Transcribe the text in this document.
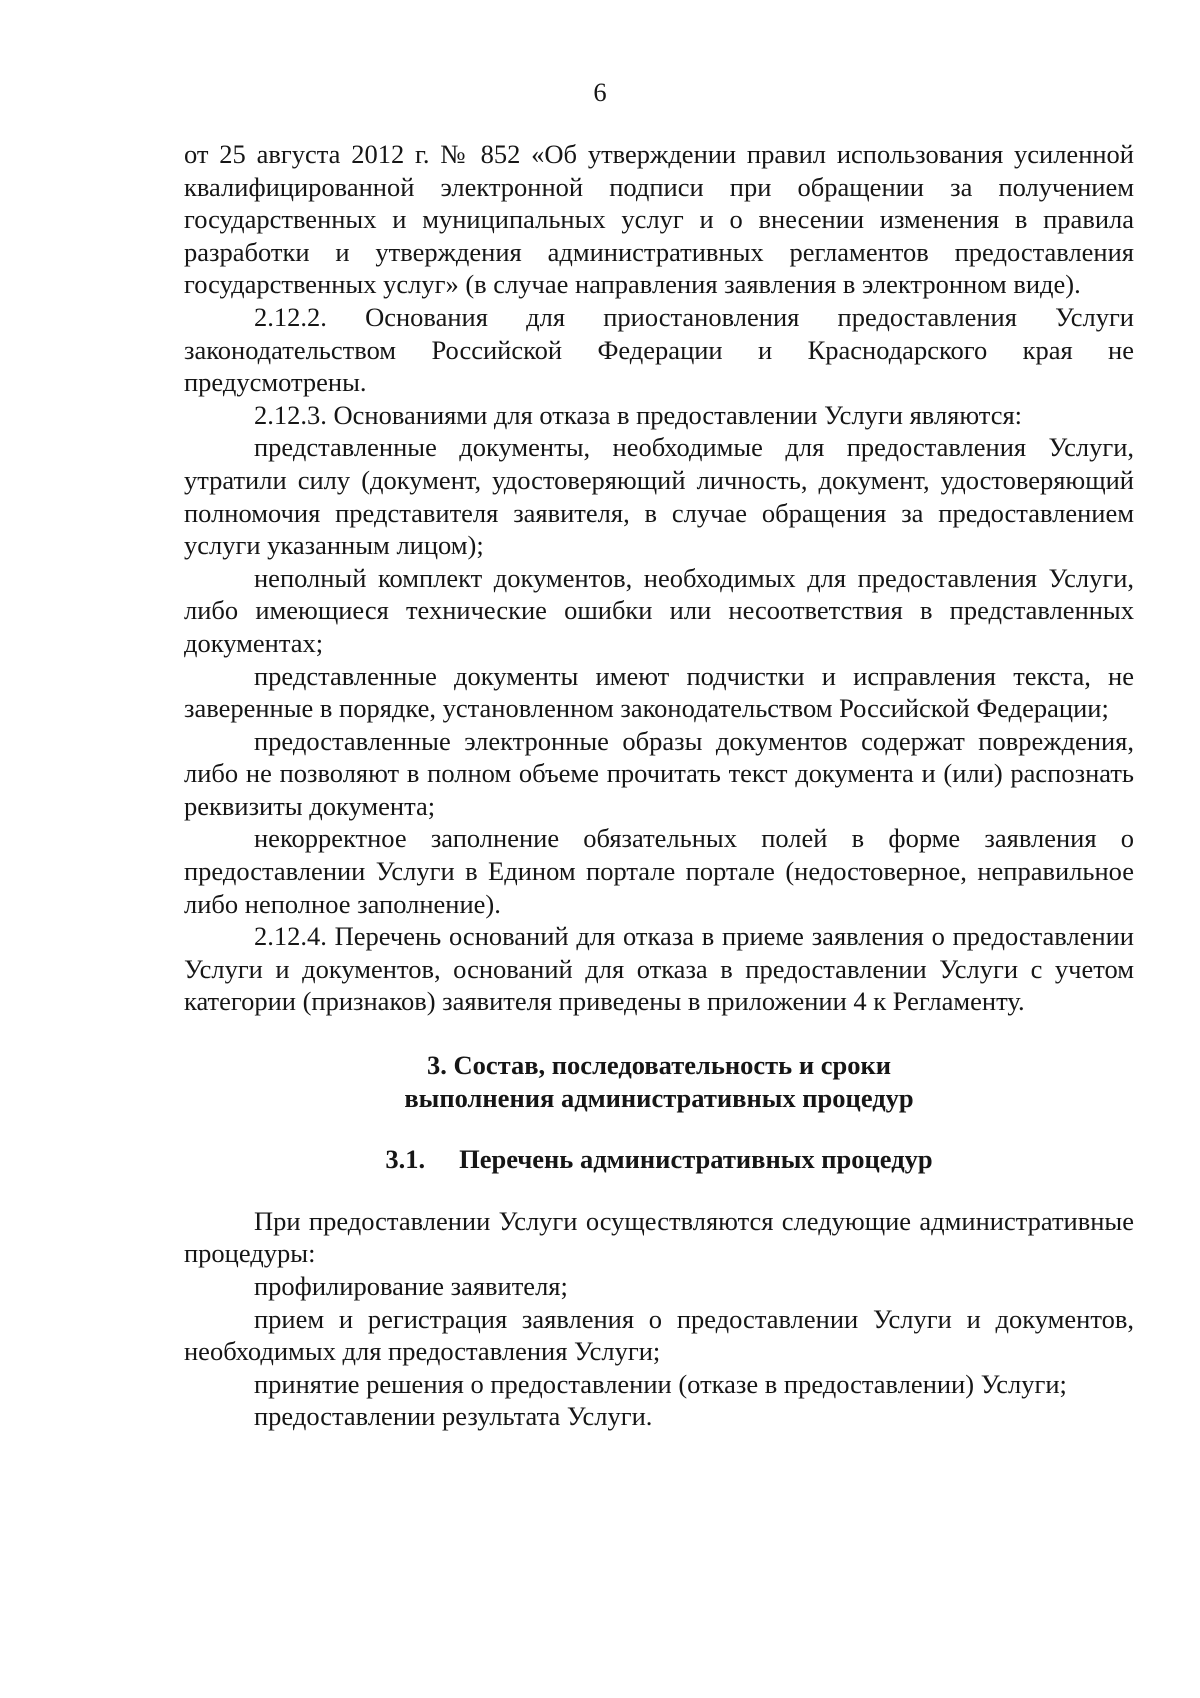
6

от 25 августа 2012 г. № 852 «Об утверждении правил использования усиленной квалифицированной электронной подписи при обращении за получением государственных и муниципальных услуг и о внесении изменения в правила разработки и утверждения административных регламентов предоставления государственных услуг» (в случае направления заявления в электронном виде).

2.12.2. Основания для приостановления предоставления Услуги законодательством Российской Федерации и Краснодарского края не предусмотрены.

2.12.3. Основаниями для отказа в предоставлении Услуги являются:

представленные документы, необходимые для предоставления Услуги, утратили силу (документ, удостоверяющий личность, документ, удостоверяющий полномочия представителя заявителя, в случае обращения за предоставлением услуги указанным лицом);

неполный комплект документов, необходимых для предоставления Услуги, либо имеющиеся технические ошибки или несоответствия в представленных документах;

представленные документы имеют подчистки и исправления текста, не заверенные в порядке, установленном законодательством Российской Федерации;

предоставленные электронные образы документов содержат повреждения, либо не позволяют в полном объеме прочитать текст документа и (или) распознать реквизиты документа;

некорректное заполнение обязательных полей в форме заявления о предоставлении Услуги в Едином портале портале (недостоверное, неправильное либо неполное заполнение).

2.12.4. Перечень оснований для отказа в приеме заявления о предоставлении Услуги и документов, оснований для отказа в предоставлении Услуги с учетом категории (признаков) заявителя приведены в приложении 4 к Регламенту.

3. Состав, последовательность и сроки
выполнения административных процедур
3.1. Перечень административных процедур

При предоставлении Услуги осуществляются следующие административные процедуры:

профилирование заявителя;

прием и регистрация заявления о предоставлении Услуги и документов, необходимых для предоставления Услуги;

принятие решения о предоставлении (отказе в предоставлении) Услуги;

предоставлении результата Услуги.
